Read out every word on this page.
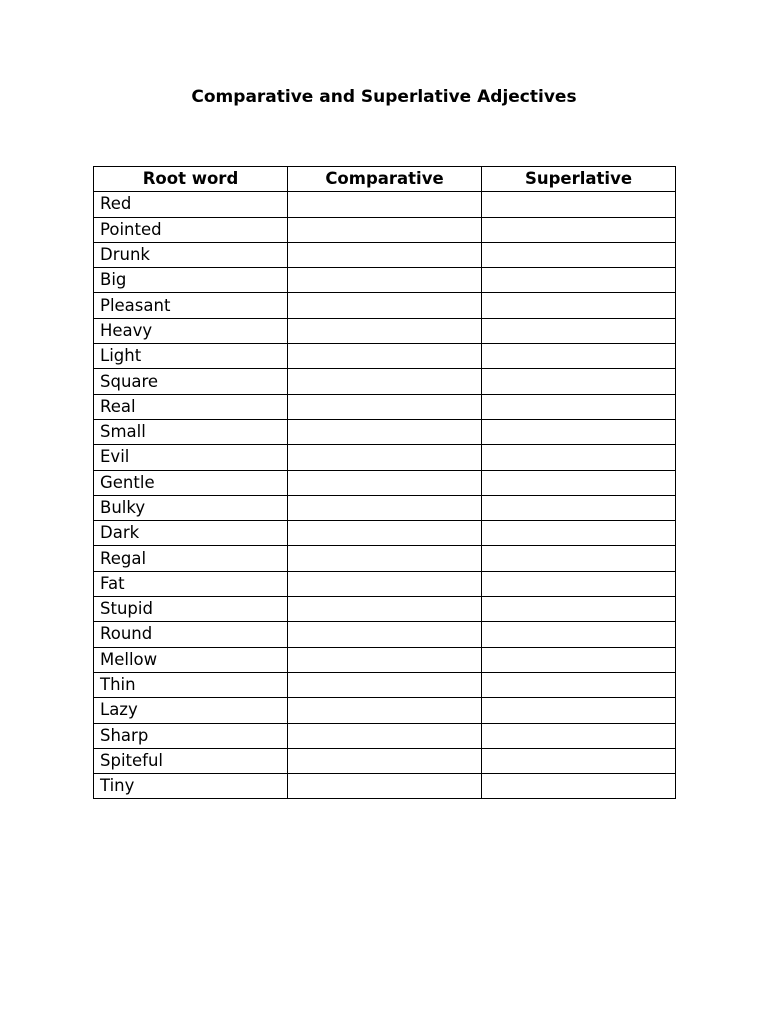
Comparative and Superlative Adjectives
Root word	Comparative	Superlative
Red		
Pointed		
Drunk		
Big		
Pleasant		
Heavy		
Light		
Square		
Real		
Small		
Evil		
Gentle		
Bulky		
Dark		
Regal		
Fat		
Stupid		
Round		
Mellow		
Thin		
Lazy		
Sharp		
Spiteful		
Tiny		
